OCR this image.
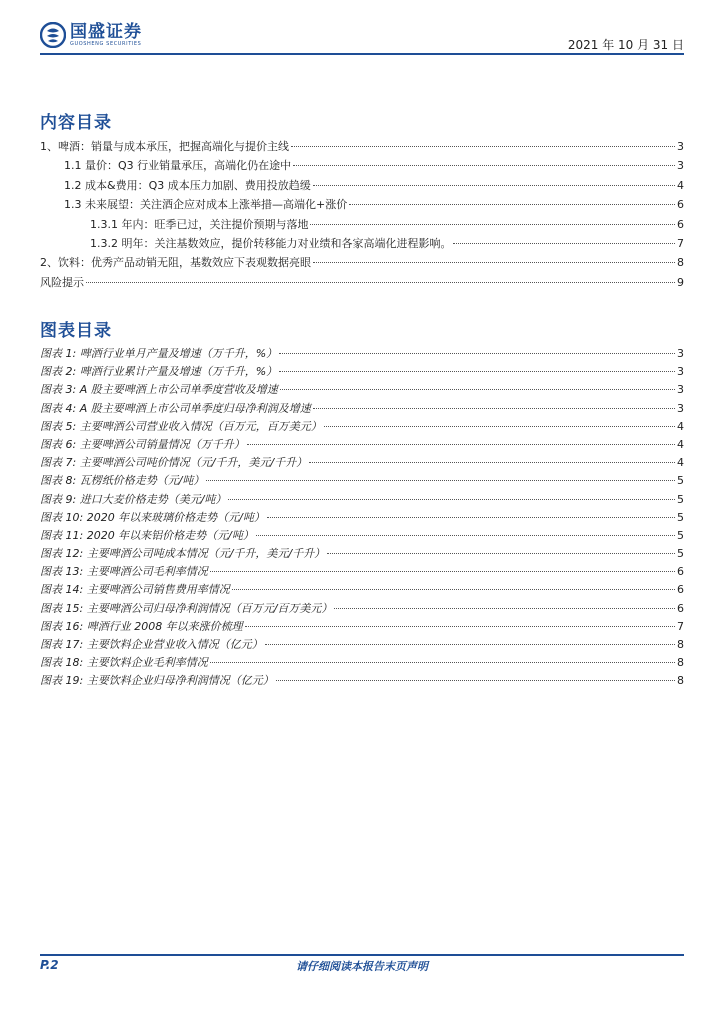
国盛证券
GUOSHENG SECURITIES	2021 年 10 月 31 日
内容目录
1、啤酒：销量与成本承压，把握高端化与提价主线	3
1.1 量价：Q3 行业销量承压，高端化仍在途中	3
1.2 成本&费用：Q3 成本压力加剧、费用投放趋缓	4
1.3 未来展望：关注酒企应对成本上涨举措—高端化+涨价	6
1.3.1 年内：旺季已过，关注提价预期与落地	6
1.3.2 明年：关注基数效应，提价转移能力对业绩和各家高端化进程影响。	7
2、饮料：优秀产品动销无阻，基数效应下表观数据亮眼	8
风险提示	9
图表目录
图表 1: 啤酒行业单月产量及增速（万千升，%）	3
图表 2: 啤酒行业累计产量及增速（万千升，%）	3
图表 3: A 股主要啤酒上市公司单季度营收及增速	3
图表 4: A 股主要啤酒上市公司单季度归母净利润及增速	3
图表 5: 主要啤酒公司营业收入情况（百万元，百万美元）	4
图表 6: 主要啤酒公司销量情况（万千升）	4
图表 7: 主要啤酒公司吨价情况（元/千升，美元/千升）	4
图表 8: 瓦楞纸价格走势（元/吨）	5
图表 9: 进口大麦价格走势（美元/吨）	5
图表 10: 2020 年以来玻璃价格走势（元/吨）	5
图表 11: 2020 年以来铝价格走势（元/吨）	5
图表 12: 主要啤酒公司吨成本情况（元/千升，美元/千升）	5
图表 13: 主要啤酒公司毛利率情况	6
图表 14: 主要啤酒公司销售费用率情况	6
图表 15: 主要啤酒公司归母净利润情况（百万元/百万美元）	6
图表 16: 啤酒行业 2008 年以来涨价梳理	7
图表 17: 主要饮料企业营业收入情况（亿元）	8
图表 18: 主要饮料企业毛利率情况	8
图表 19: 主要饮料企业归母净利润情况（亿元）	8
P.2	请仔细阅读本报告末页声明
